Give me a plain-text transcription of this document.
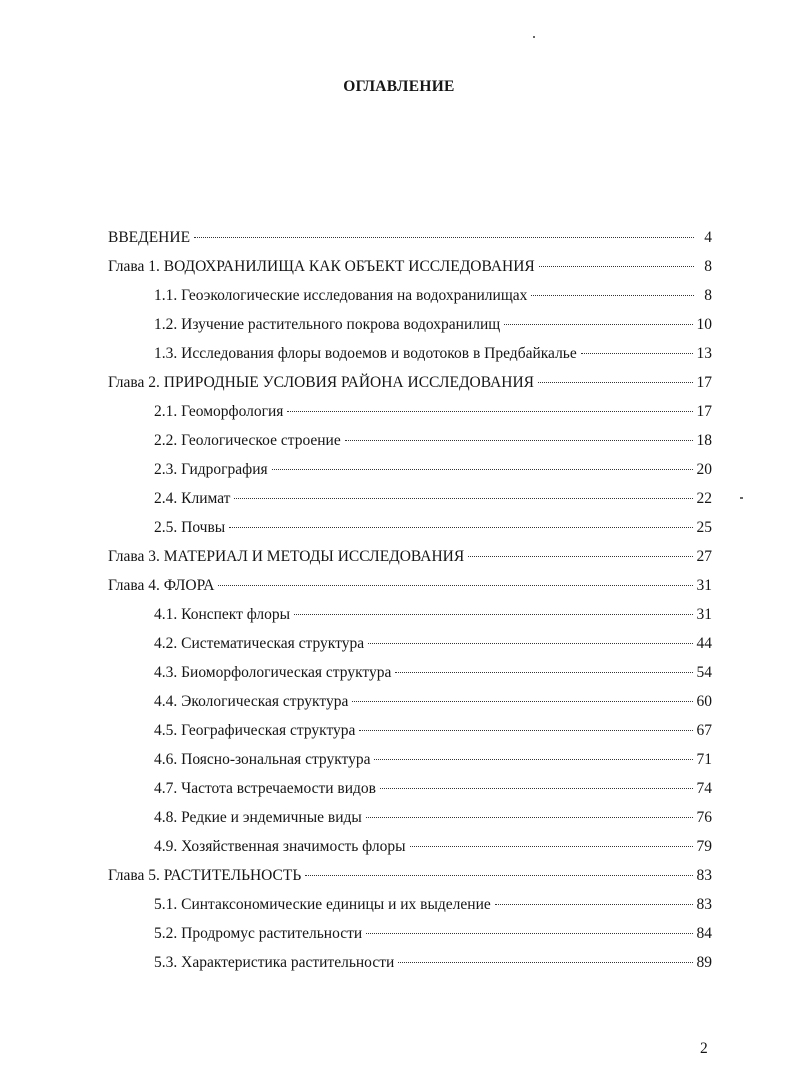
ОГЛАВЛЕНИЕ
ВВЕДЕНИЕ	4
Глава 1. ВОДОХРАНИЛИЩА КАК ОБЪЕКТ ИССЛЕДОВАНИЯ	8
1.1. Геоэкологические исследования на водохранилищах	8
1.2. Изучение растительного покрова водохранилищ	10
1.3. Исследования флоры водоемов и водотоков в Предбайкалье	13
Глава 2. ПРИРОДНЫЕ УСЛОВИЯ РАЙОНА ИССЛЕДОВАНИЯ	17
2.1. Геоморфология	17
2.2. Геологическое строение	18
2.3. Гидрография	20
2.4. Климат	22
2.5. Почвы	25
Глава 3. МАТЕРИАЛ И МЕТОДЫ ИССЛЕДОВАНИЯ	27
Глава 4. ФЛОРА	31
4.1. Конспект флоры	31
4.2. Систематическая структура	44
4.3. Биоморфологическая структура	54
4.4. Экологическая структура	60
4.5. Географическая структура	67
4.6. Поясно-зональная структура	71
4.7. Частота встречаемости видов	74
4.8. Редкие и эндемичные виды	76
4.9. Хозяйственная значимость флоры	79
Глава 5. РАСТИТЕЛЬНОСТЬ	83
5.1. Синтаксономические единицы и их выделение	83
5.2. Продромус растительности	84
5.3. Характеристика растительности	89
2
